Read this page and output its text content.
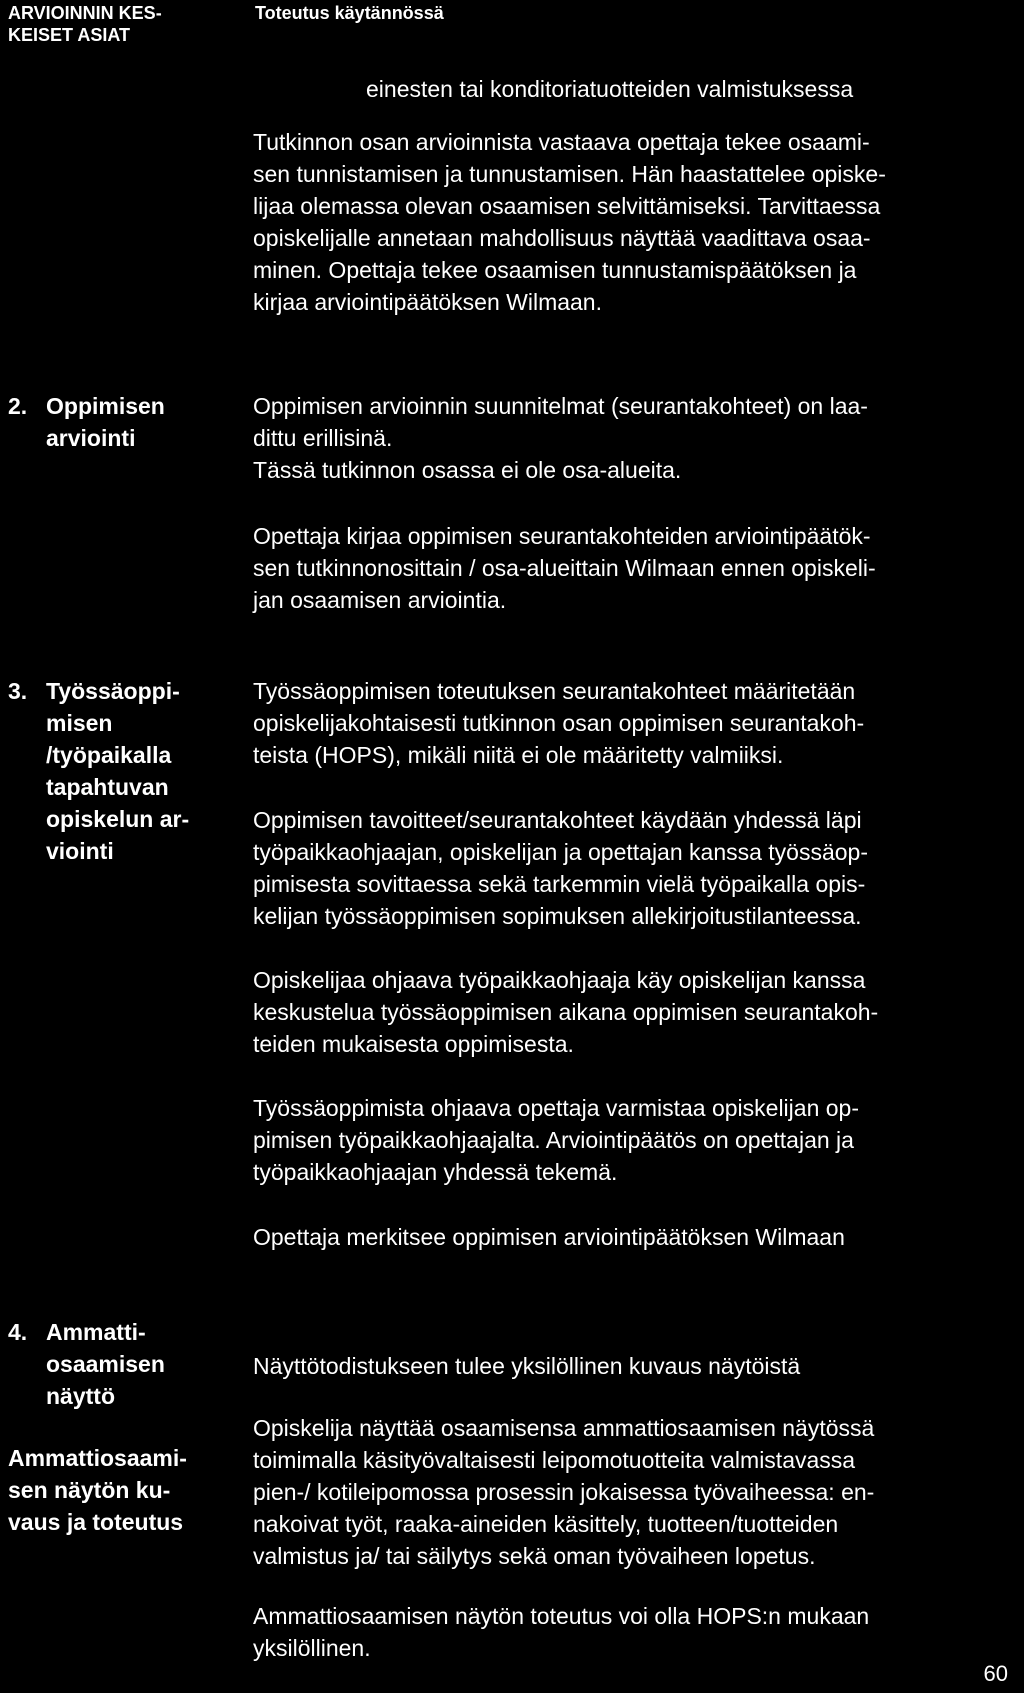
ARVIOINNIN KES-
KEISET ASIAT
Toteutus käytännössä
einesten tai konditoriatuotteiden valmistuksessa
Tutkinnon osan arvioinnista vastaava opettaja tekee osaami-
sen tunnistamisen ja tunnustamisen. Hän haastattelee opiske-
lijaa olemassa olevan osaamisen selvittämiseksi. Tarvittaessa
opiskelijalle annetaan mahdollisuus näyttää vaadittava osaa-
minen. Opettaja tekee osaamisen tunnustamispäätöksen ja
kirjaa arviointipäätöksen Wilmaan.
2. Oppimisen
arviointi
Oppimisen arvioinnin suunnitelmat (seurantakohteet) on laa-
dittu erillisinä.
Tässä tutkinnon osassa ei ole osa-alueita.
Opettaja kirjaa oppimisen seurantakohteiden arviointipäätök-
sen tutkinnonosittain / osa-alueittain Wilmaan ennen opiskeli-
jan osaamisen arviointia.
3. Työssäoppi-
misen
/työpaikalla
tapahtuvan
opiskelun ar-
viointi
Työssäoppimisen toteutuksen seurantakohteet määritetään
opiskelijakohtaisesti tutkinnon osan oppimisen seurantakoh-
teista (HOPS), mikäli niitä ei ole määritetty valmiiksi.
Oppimisen tavoitteet/seurantakohteet käydään yhdessä läpi
työpaikkaohjaajan, opiskelijan ja opettajan kanssa työssäop-
pimisesta sovittaessa sekä tarkemmin vielä työpaikalla opis-
kelijan työssäoppimisen sopimuksen allekirjoitustilanteessa.
Opiskelijaa ohjaava työpaikkaohjaaja käy opiskelijan kanssa
keskustelua työssäoppimisen aikana oppimisen seurantakoh-
teiden mukaisesta oppimisesta.
Työssäoppimista ohjaava opettaja varmistaa opiskelijan op-
pimisen työpaikkaohjaajalta. Arviointipäätös on opettajan ja
työpaikkaohjaajan yhdessä tekemä.
Opettaja merkitsee oppimisen arviointipäätöksen Wilmaan
4. Ammatti-
osaamisen
näyttö
Ammattiosaami-
sen näytön ku-
vaus ja toteutus
Näyttötodistukseen tulee yksilöllinen kuvaus näytöistä
Opiskelija näyttää osaamisensa ammattiosaamisen näytössä
toimimalla käsityövaltaisesti leipomotuotteita valmistavassa
pien-/ kotileipomossa prosessin jokaisessa työvaiheessa: en-
nakoivat työt, raaka-aineiden käsittely, tuotteen/tuotteiden
valmistus ja/ tai säilytys sekä oman työvaiheen lopetus.
Ammattiosaamisen näytön toteutus voi olla HOPS:n mukaan
yksilöllinen.
60
